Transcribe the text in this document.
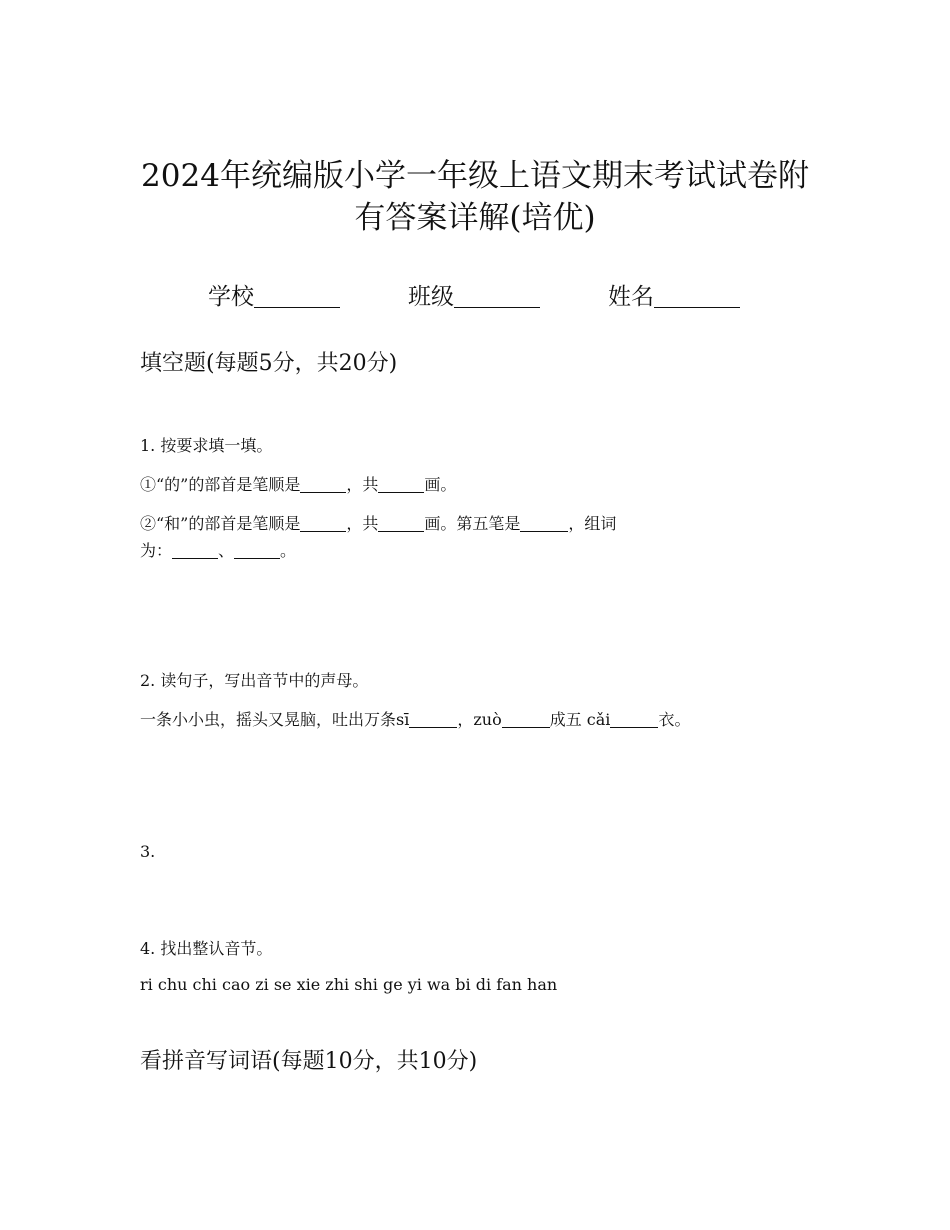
2024年统编版小学一年级上语文期末考试试卷附
有答案详解(培优)
学校	班级	姓名
填空题(每题5分，共20分)
1. 按要求填一填。
①“的”的部首是笔顺是	，共	画。
②“和”的部首是笔顺是	，共	画。第五笔是	，组词
为：	、	。
2. 读句子，写出音节中的声母。
一条小小虫，摇头又晃脑，吐出万条sī	，zuò	成五 cǎi	衣。
3.
4. 找出整认音节。
ri chu chi cao zi se xie zhi shi ge yi wa bi di fan han
看拼音写词语(每题10分，共10分)
